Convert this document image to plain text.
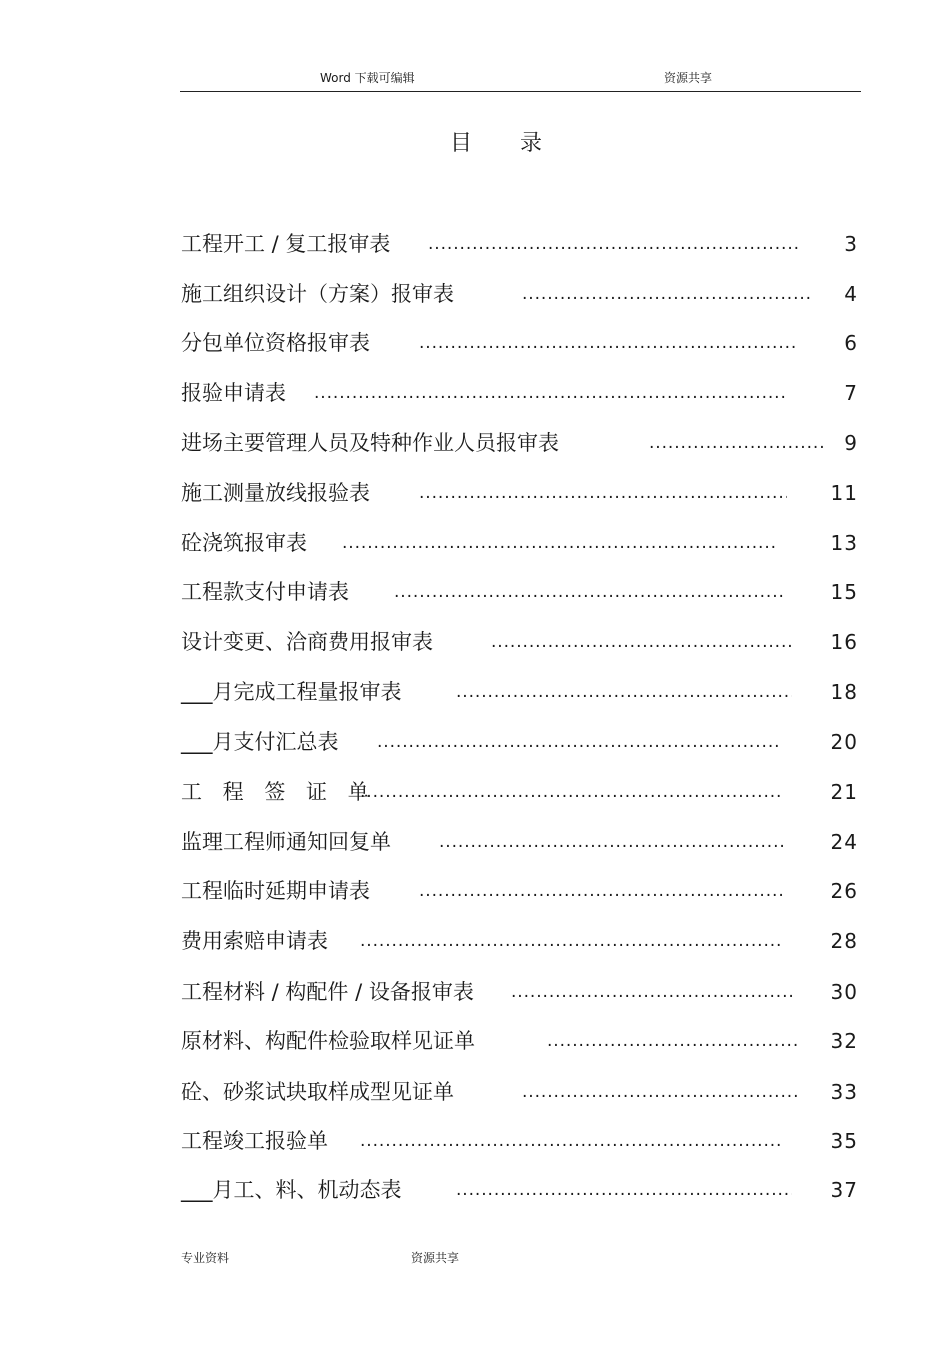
Word 下载可编辑	资源共享
目录
工程开工 / 复工报审表 .....	3
施工组织设计（方案）报审表 .....	4
分包单位资格报审表 .....	6
报验申请表 .....	7
进场主要管理人员及特种作业人员报审表 .....	9
施工测量放线报验表 .....	11
砼浇筑报审表 .....	13
工程款支付申请表 .....	15
设计变更、洽商费用报审表 .....	16
___月完成工程量报审表 .....	18
___月支付汇总表 .....	20
工 程 签 证 单 .....	21
监理工程师通知回复单 .....	24
工程临时延期申请表 .....	26
费用索赔申请表 .....	28
工程材料 / 构配件 / 设备报审表 .....	30
原材料、构配件检验取样见证单 .....	32
砼、砂浆试块取样成型见证单 .....	33
工程竣工报验单 .....	35
___月工、料、机动态表 .....	37
专业资料	资源共享
